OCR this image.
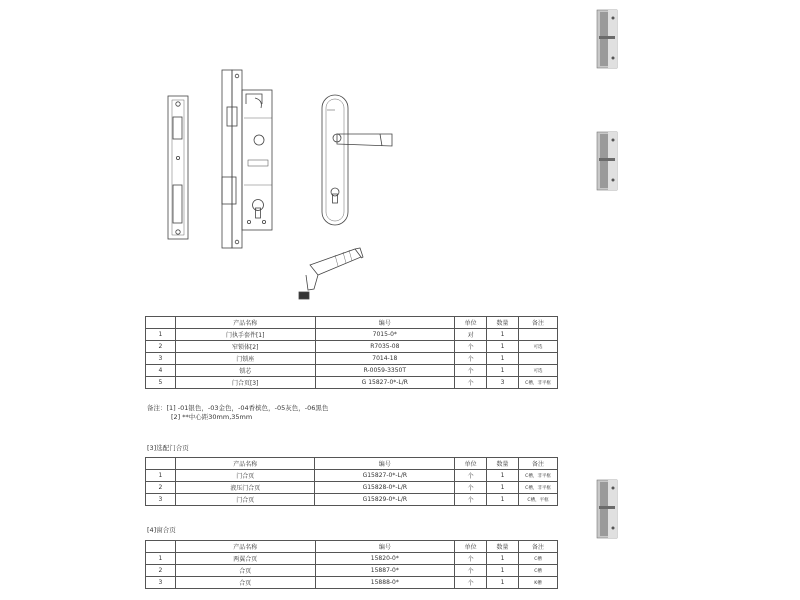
	产品名称	编号	单位	数量	备注
1	门执手套件[1]	7015-0*	对	1	
2	窄锁体[2]	R7035-08	个	1	可选
3	门锁座	7014-18	个	1	
4	锁芯	R-0059-3350T	个	1	可选
5	门合页[3]	G 15827-0*-L/R	个	3	C槽，非平框
备注：[1] -01银色，-03金色，-04香槟色，-05灰色，-06黑色
[2] **中心距30mm,35mm
[3]选配门合页
	产品名称	编号	单位	数量	备注
1	门合页	G15827-0*-L/R	个	1	C槽，非平框
2	液压门合页	G15828-0*-L/R	个	1	C槽，非平框
3	门合页	G15829-0*-L/R	个	1	C槽，平框
[4]窗合页
	产品名称	编号	单位	数量	备注
1	两翼合页	15820-0*	个	1	C槽
2	合页	15887-0*	个	1	C槽
3	合页	15888-0*	个	1	K槽
